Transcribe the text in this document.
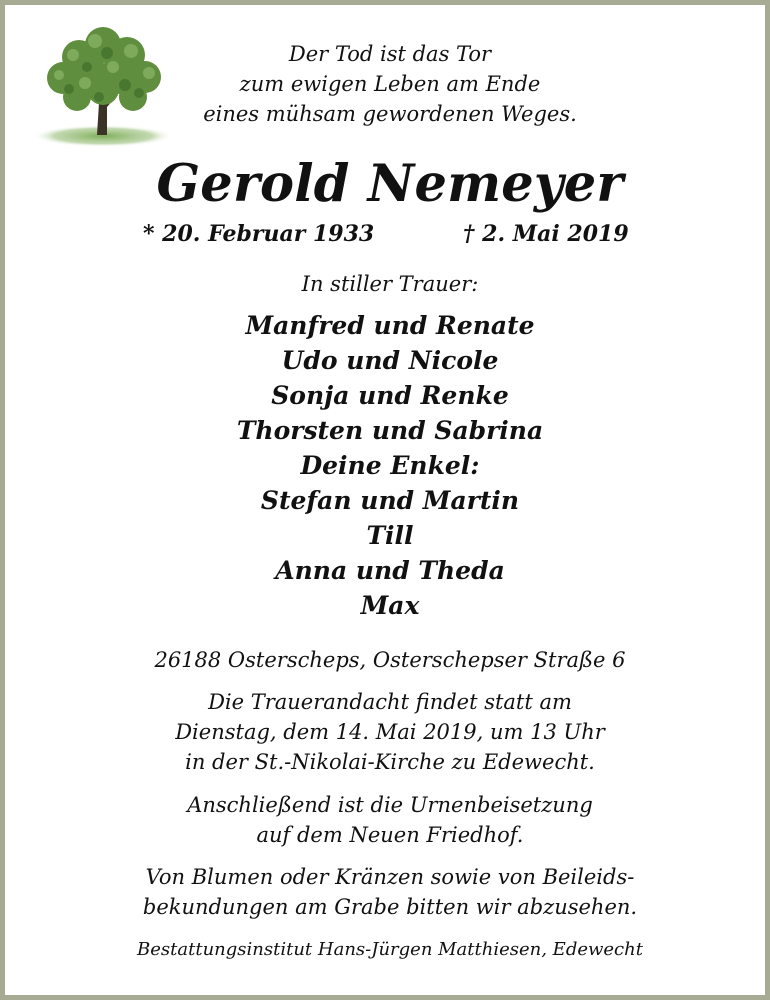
Der Tod ist das Tor
zum ewigen Leben am Ende
eines mühsam gewordenen Weges.
Gerold Nemeyer
* 20. Februar 1933	† 2. Mai 2019
In stiller Trauer:
Manfred und Renate
Udo und Nicole
Sonja und Renke
Thorsten und Sabrina
Deine Enkel:
Stefan und Martin
Till
Anna und Theda
Max
26188 Osterscheps, Osterschepser Straße 6
Die Trauerandacht findet statt am
Dienstag, dem 14. Mai 2019, um 13 Uhr
in der St.-Nikolai-Kirche zu Edewecht.
Anschließend ist die Urnenbeisetzung
auf dem Neuen Friedhof.
Von Blumen oder Kränzen sowie von Beileids-
bekundungen am Grabe bitten wir abzusehen.
Bestattungsinstitut Hans-Jürgen Matthiesen, Edewecht
